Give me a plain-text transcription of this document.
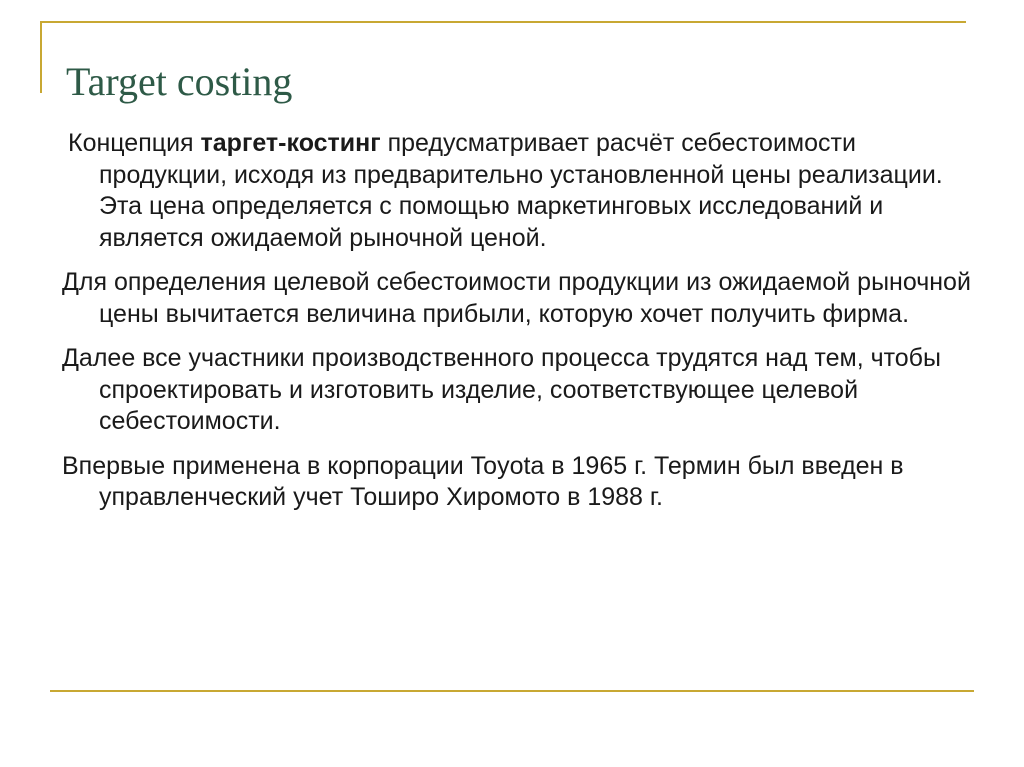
Target costing

Концепция таргет-костинг предусматривает расчёт себестоимости продукции, исходя из предварительно установленной цены реализации. Эта цена определяется с помощью маркетинговых исследований и является ожидаемой рыночной ценой.

Для определения целевой себестоимости продукции из ожидаемой рыночной цены вычитается величина прибыли, которую хочет получить фирма.

Далее все участники производственного процесса трудятся над тем, чтобы спроектировать и изготовить изделие, соответствующее целевой себестоимости.

Впервые применена в корпорации Toyota в 1965 г. Термин был введен в управленческий учет Тоширо Хиромото в 1988 г.
